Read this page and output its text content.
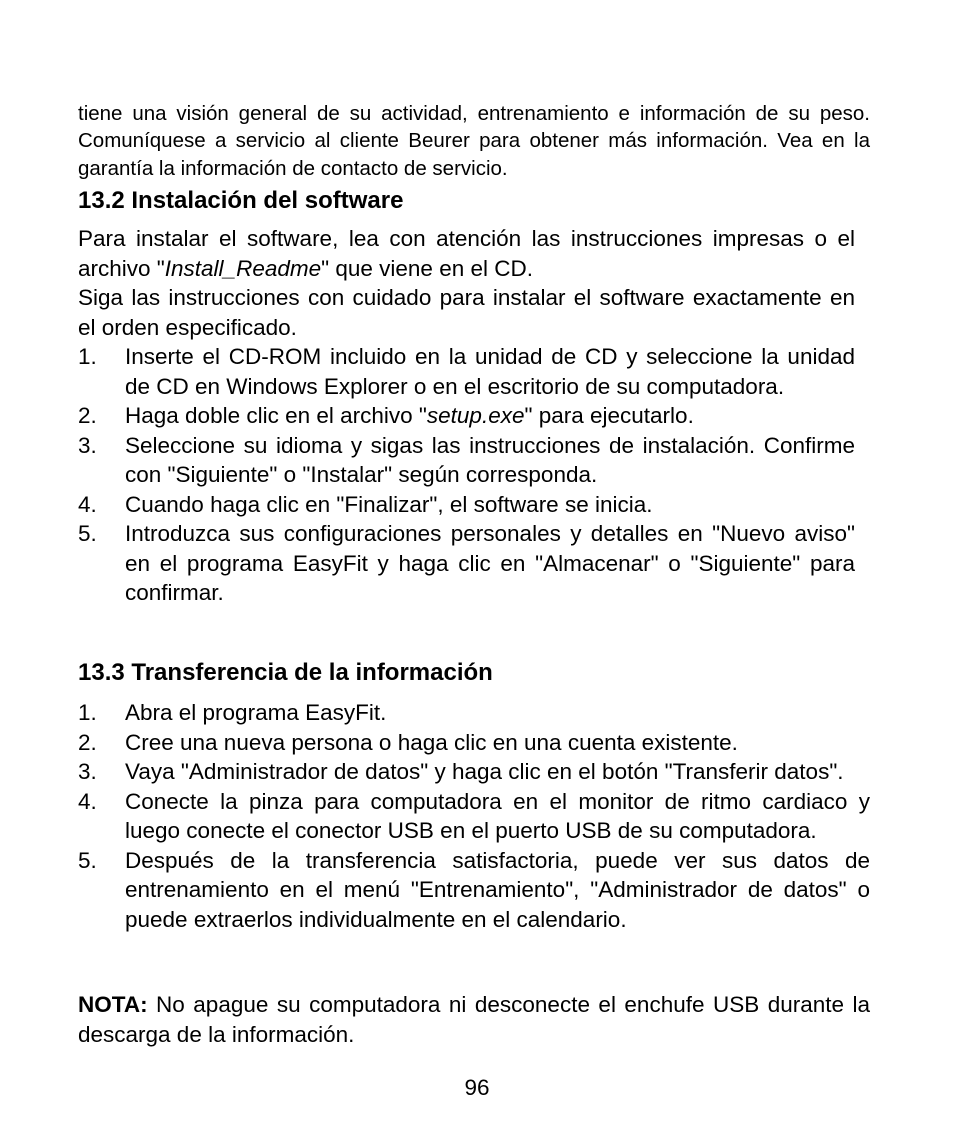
tiene una visión general de su actividad, entrenamiento e información de su peso. Comuníquese a servicio al cliente Beurer para obtener más información. Vea en la garantía la información de contacto de servicio.

13.2 Instalación del software

Para instalar el software, lea con atención las instrucciones impresas o el archivo "Install_Readme" que viene en el CD.

Siga las instrucciones con cuidado para instalar el software exactamente en el orden especificado.

1. Inserte el CD-ROM incluido en la unidad de CD y seleccione la unidad de CD en Windows Explorer o en el escritorio de su computadora.
2. Haga doble clic en el archivo "setup.exe" para ejecutarlo.
3. Seleccione su idioma y sigas las instrucciones de instalación. Confirme con "Siguiente" o "Instalar" según corresponda.
4. Cuando haga clic en "Finalizar", el software se inicia.
5. Introduzca sus configuraciones personales y detalles en "Nuevo aviso" en el programa EasyFit y haga clic en "Almacenar" o "Siguiente" para confirmar.
13.3 Transferencia de la información
1. Abra el programa EasyFit.
2. Cree una nueva persona o haga clic en una cuenta existente.
3. Vaya "Administrador de datos" y haga clic en el botón "Transferir datos".
4. Conecte la pinza para computadora en el monitor de ritmo cardiaco y luego conecte el conector USB en el puerto USB de su computadora.
5. Después de la transferencia satisfactoria, puede ver sus datos de entrenamiento en el menú "Entrenamiento", "Administrador de datos" o puede extraerlos individualmente en el calendario.

NOTA: No apague su computadora ni desconecte el enchufe USB durante la descarga de la información.

96
